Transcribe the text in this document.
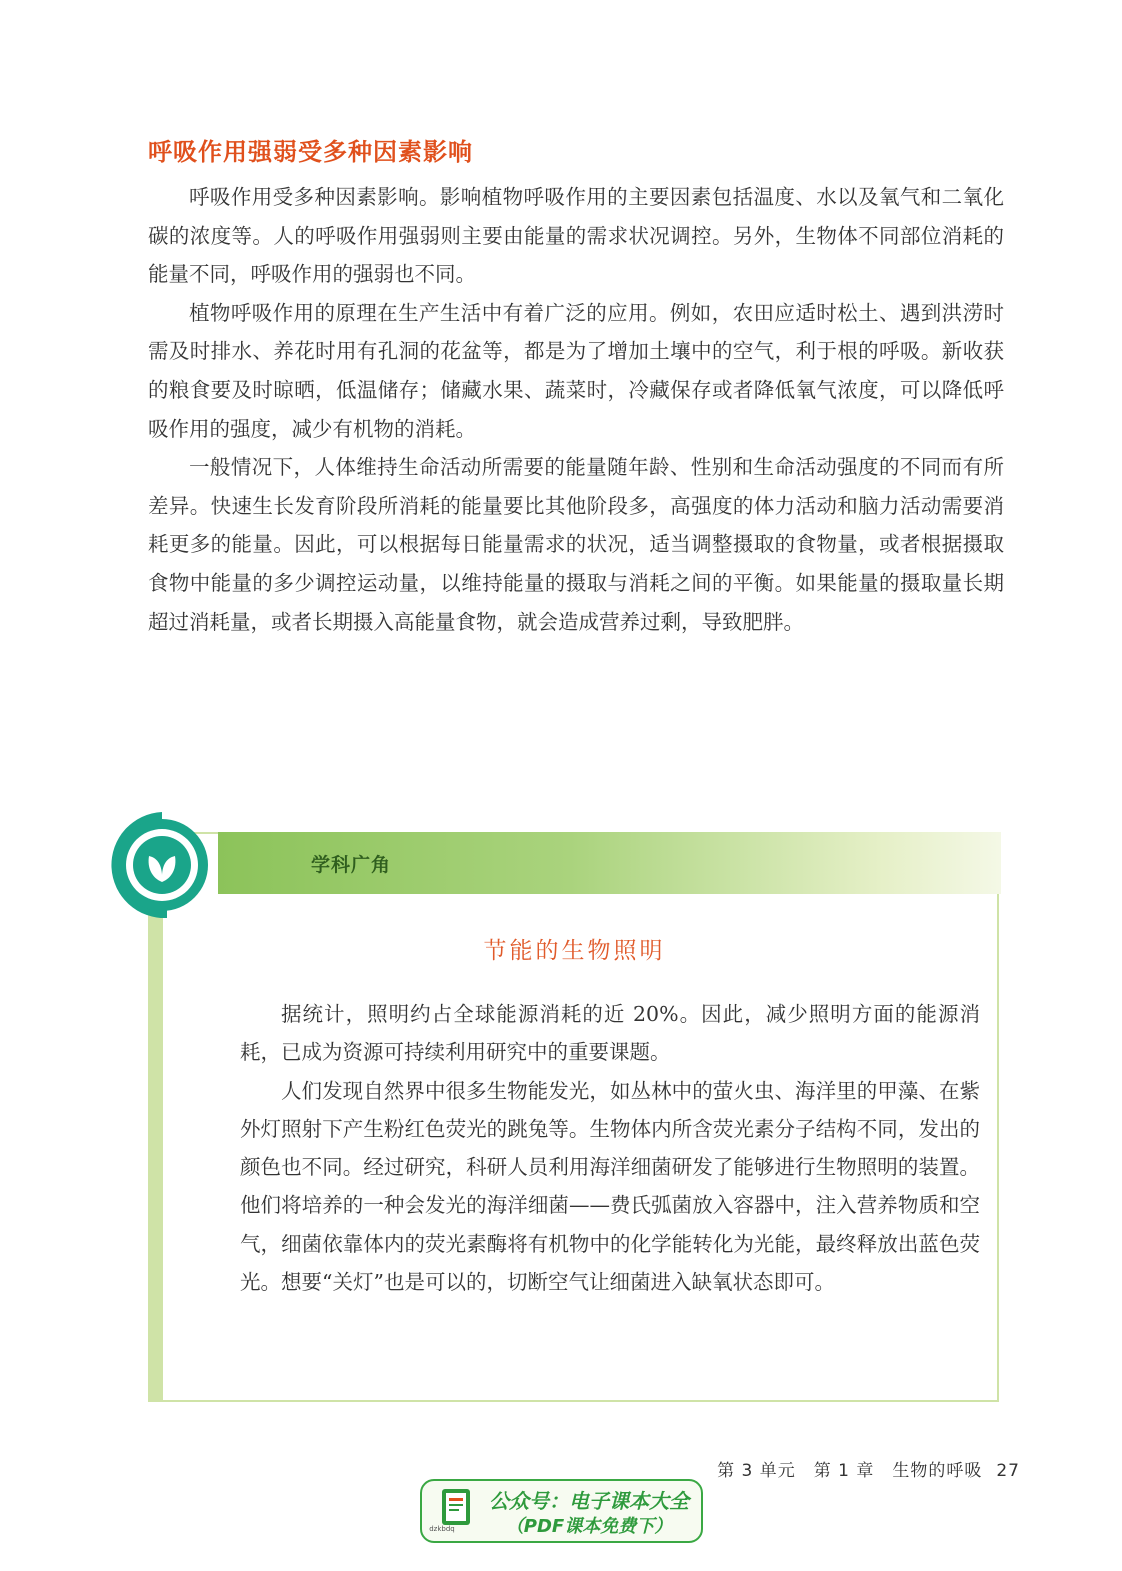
呼吸作用强弱受多种因素影响

呼吸作用受多种因素影响。影响植物呼吸作用的主要因素包括温度、水以及氧气和二氧化碳的浓度等。人的呼吸作用强弱则主要由能量的需求状况调控。另外，生物体不同部位消耗的能量不同，呼吸作用的强弱也不同。

植物呼吸作用的原理在生产生活中有着广泛的应用。例如，农田应适时松土、遇到洪涝时需及时排水、养花时用有孔洞的花盆等，都是为了增加土壤中的空气，利于根的呼吸。新收获的粮食要及时晾晒，低温储存；储藏水果、蔬菜时，冷藏保存或者降低氧气浓度，可以降低呼吸作用的强度，减少有机物的消耗。

一般情况下，人体维持生命活动所需要的能量随年龄、性别和生命活动强度的不同而有所差异。快速生长发育阶段所消耗的能量要比其他阶段多，高强度的体力活动和脑力活动需要消耗更多的能量。因此，可以根据每日能量需求的状况，适当调整摄取的食物量，或者根据摄取食物中能量的多少调控运动量，以维持能量的摄取与消耗之间的平衡。如果能量的摄取量长期超过消耗量，或者长期摄入高能量食物，就会造成营养过剩，导致肥胖。

学科广角
节能的生物照明

据统计，照明约占全球能源消耗的近 20%。因此，减少照明方面的能源消耗，已成为资源可持续利用研究中的重要课题。

人们发现自然界中很多生物能发光，如丛林中的萤火虫、海洋里的甲藻、在紫外灯照射下产生粉红色荧光的跳兔等。生物体内所含荧光素分子结构不同，发出的颜色也不同。经过研究，科研人员利用海洋细菌研发了能够进行生物照明的装置。他们将培养的一种会发光的海洋细菌——费氏弧菌放入容器中，注入营养物质和空气，细菌依靠体内的荧光素酶将有机物中的化学能转化为光能，最终释放出蓝色荧光。想要“关灯”也是可以的，切断空气让细菌进入缺氧状态即可。

第 3 单元　第 1 章　生物的呼吸 27
dzkbdq
公众号：电子课本大全
（PDF课本免费下）
